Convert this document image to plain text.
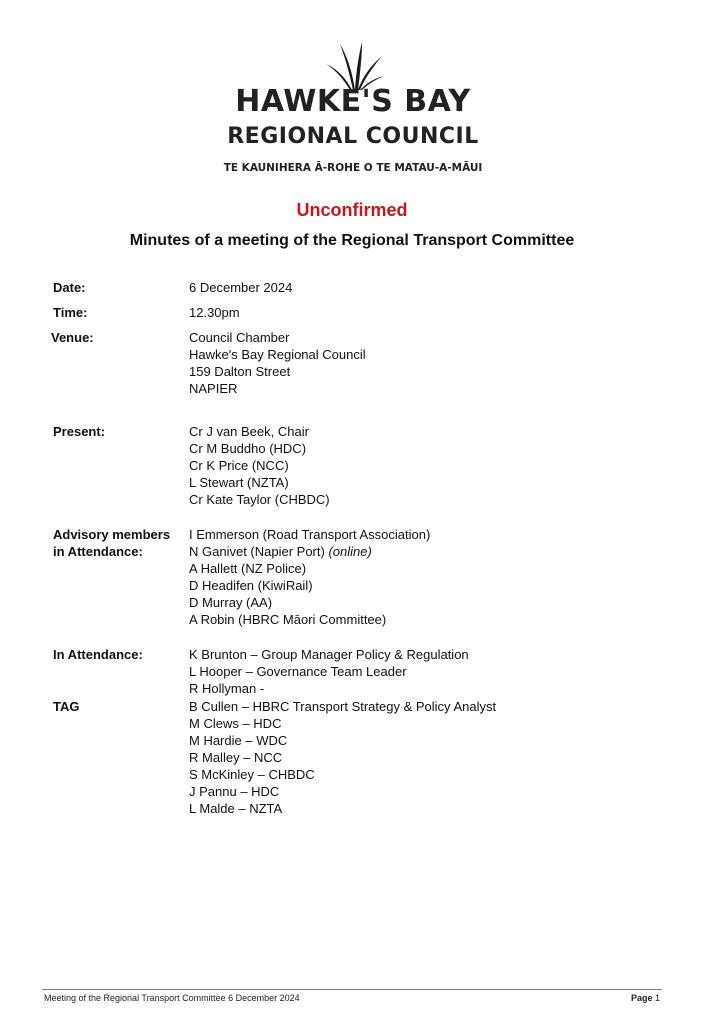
HAWKE'S BAY
REGIONAL COUNCIL
TE KAUNIHERA Ā-ROHE O TE MATAU-A-MĀUI
Unconfirmed
Minutes of a meeting of the Regional Transport Committee
Date:	6 December 2024
Time:	12.30pm
Venue:	Council Chamber
Hawke's Bay Regional Council
159 Dalton Street
NAPIER
Present:	Cr J van Beek, Chair
Cr M Buddho (HDC)
Cr K Price (NCC)
L Stewart (NZTA)
Cr Kate Taylor (CHBDC)
Advisory members
in Attendance:
I Emmerson (Road Transport Association)
N Ganivet (Napier Port) (online)
A Hallett (NZ Police)
D Headifen (KiwiRail)
D Murray (AA)
A Robin (HBRC Māori Committee)
In Attendance:	K Brunton – Group Manager Policy & Regulation
L Hooper – Governance Team Leader
R Hollyman -
TAG	B Cullen – HBRC Transport Strategy & Policy Analyst
M Clews – HDC
M Hardie – WDC
R Malley – NCC
S McKinley – CHBDC
J Pannu – HDC
L Malde – NZTA
Meeting of the Regional Transport Committee 6 December 2024	Page 1
